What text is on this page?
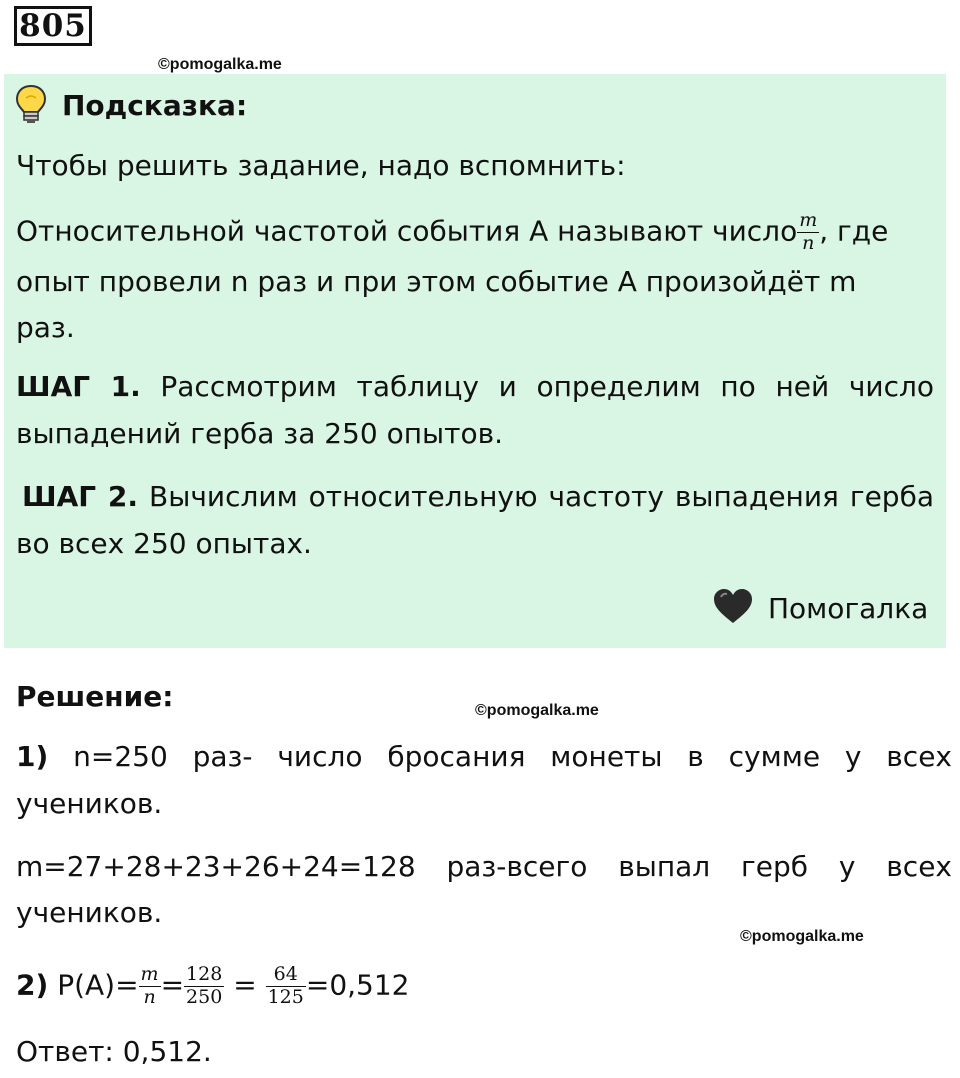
805
©pomogalka.me
Подсказка:
Чтобы решить задание, надо вспомнить:
Относительной частотой события А называют число $\frac{m}{n}$ , где
опыт провели n раз и при этом событие А произойдёт m
раз.
ШАГ 1. Рассмотрим таблицу и определим по ней число
выпадений герба за 250 опытов.
ШАГ 2. Вычислим относительную частоту выпадения герба
во всех 250 опытах.
Помогалка
Решение:	©pomogalka.me
1) n=250 раз- число бросания монеты в сумме у всех
учеников.
m=27+28+23+26+24=128 раз-всего выпал герб у всех
учеников.
©pomogalka.me
2) $P(A)= \frac{m}{n} = \frac{128}{250} = \frac{64}{125} =0,512$
Ответ: 0,512.
